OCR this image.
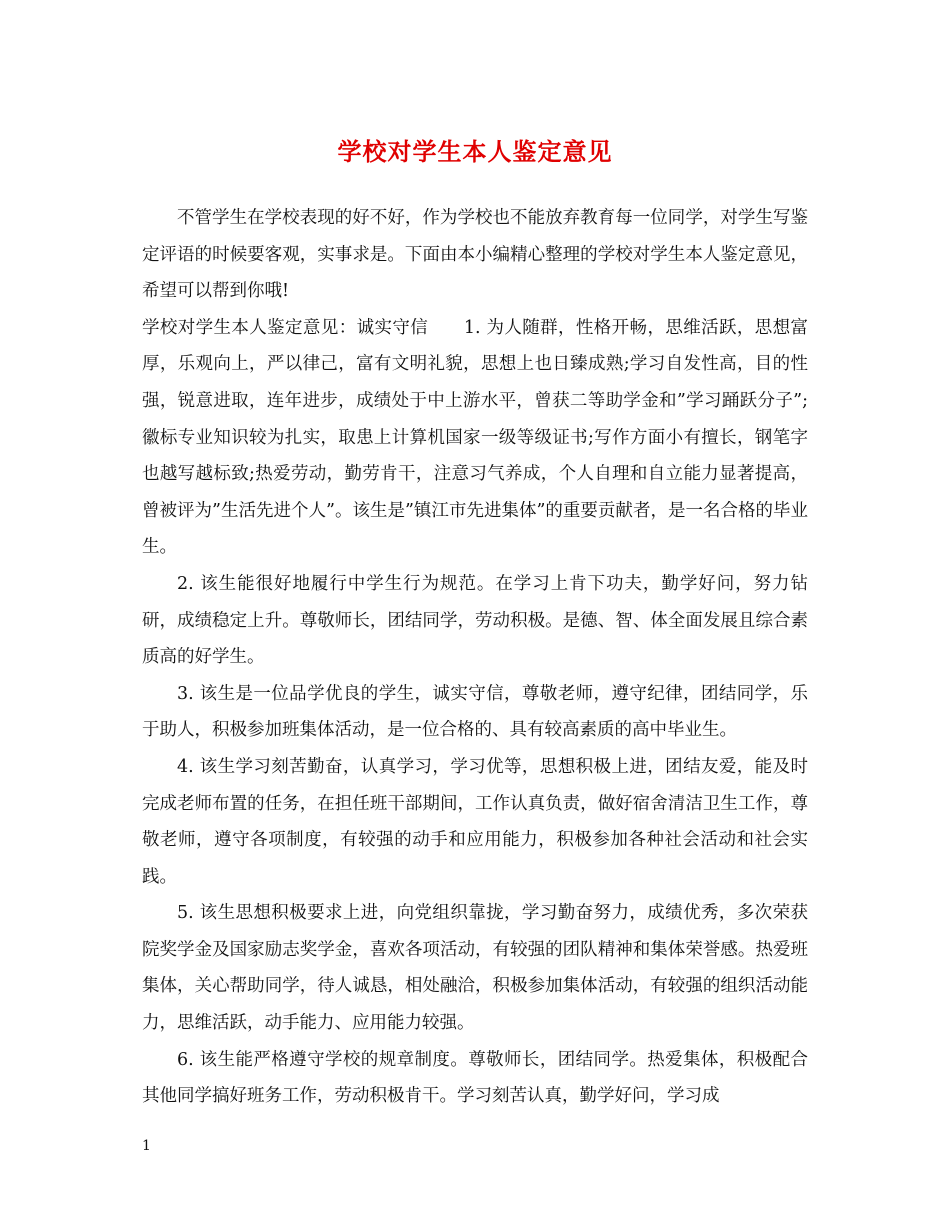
学校对学生本人鉴定意见

不管学生在学校表现的好不好，作为学校也不能放弃教育每一位同学，对学生写鉴定评语的时候要客观，实事求是。下面由本小编精心整理的学校对学生本人鉴定意见，希望可以帮到你哦!

学校对学生本人鉴定意见：诚实守信　　1. 为人随群，性格开畅，思维活跃，思想富厚，乐观向上，严以律己，富有文明礼貌，思想上也日臻成熟;学习自发性高，目的性强，锐意进取，连年进步，成绩处于中上游水平，曾获二等助学金和”学习踊跃分子”;徽标专业知识较为扎实，取患上计算机国家一级等级证书;写作方面小有擅长，钢笔字也越写越标致;热爱劳动，勤劳肯干，注意习气养成，个人自理和自立能力显著提高，曾被评为”生活先进个人”。该生是”镇江市先进集体”的重要贡献者，是一名合格的毕业生。

2. 该生能很好地履行中学生行为规范。在学习上肯下功夫，勤学好问，努力钻研，成绩稳定上升。尊敬师长，团结同学，劳动积极。是德、智、体全面发展且综合素质高的好学生。

3. 该生是一位品学优良的学生，诚实守信，尊敬老师，遵守纪律，团结同学，乐于助人，积极参加班集体活动，是一位合格的、具有较高素质的高中毕业生。

4. 该生学习刻苦勤奋，认真学习，学习优等，思想积极上进，团结友爱，能及时完成老师布置的任务，在担任班干部期间，工作认真负责，做好宿舍清洁卫生工作，尊敬老师，遵守各项制度，有较强的动手和应用能力，积极参加各种社会活动和社会实践。

5. 该生思想积极要求上进，向党组织靠拢，学习勤奋努力，成绩优秀，多次荣获院奖学金及国家励志奖学金，喜欢各项活动，有较强的团队精神和集体荣誉感。热爱班集体，关心帮助同学，待人诚恳，相处融洽，积极参加集体活动，有较强的组织活动能力，思维活跃，动手能力、应用能力较强。

6. 该生能严格遵守学校的规章制度。尊敬师长，团结同学。热爱集体，积极配合其他同学搞好班务工作，劳动积极肯干。学习刻苦认真，勤学好问，学习成

1
